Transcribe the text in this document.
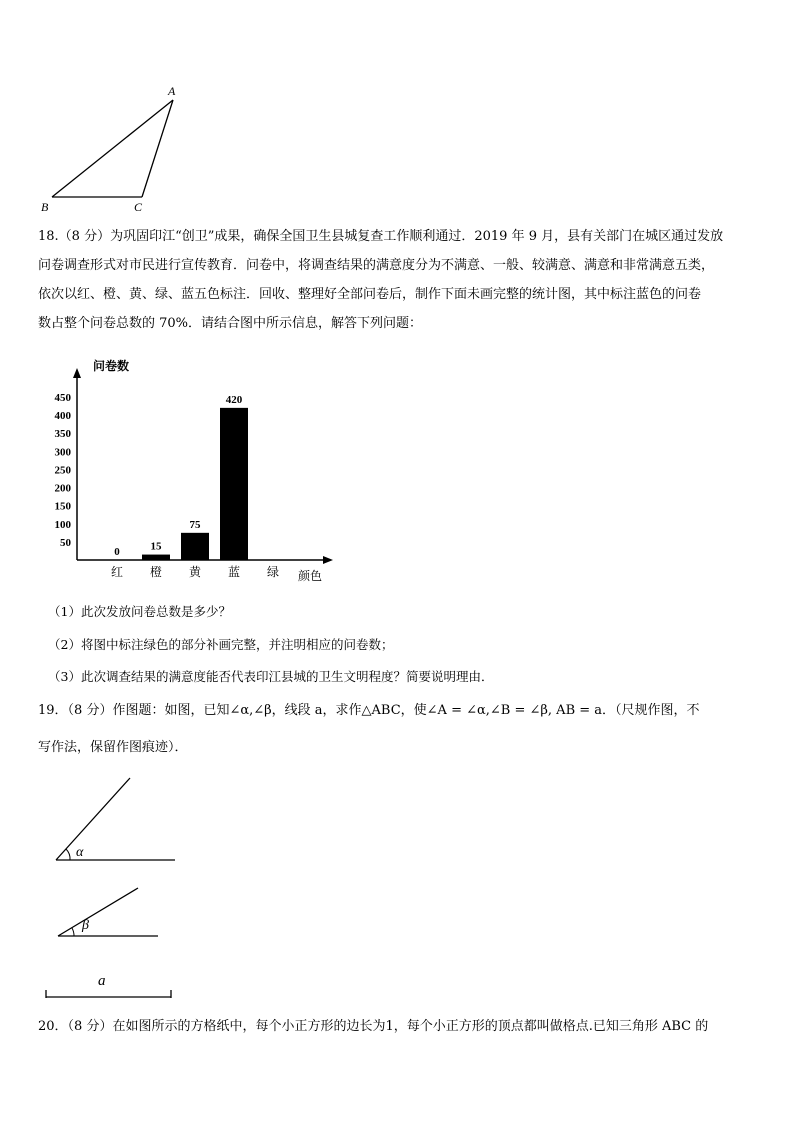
A
B	C
18.（8 分）为巩固印江“创卫”成果，确保全国卫生县城复查工作顺利通过．2019 年 9 月，县有关部门在城区通过发放
问卷调查形式对市民进行宣传教育．问卷中，将调查结果的满意度分为不满意、一般、较满意、满意和非常满意五类，
依次以红、橙、黄、绿、蓝五色标注．回收、整理好全部问卷后，制作下面未画完整的统计图，其中标注蓝色的问卷
数占整个问卷总数的 70%．请结合图中所示信息，解答下列问题：
问卷数
颜色
50
100
150
200
250
300
350
400
450
0
红
15
橙
75
黄
420
蓝 绿
（1）此次发放问卷总数是多少？
（2）将图中标注绿色的部分补画完整，并注明相应的问卷数；
（3）此次调查结果的满意度能否代表印江县城的卫生文明程度？简要说明理由．
19．（8 分）作图题：如图，已知∠α,∠β，线段 a，求作△ABC，使∠A = ∠α,∠B = ∠β, AB = a．（尺规作图，不
写作法，保留作图痕迹）．
α
β
a
20．（8 分）在如图所示的方格纸中，每个小正方形的边长为1，每个小正方形的顶点都叫做格点.已知三角形 ABC 的
